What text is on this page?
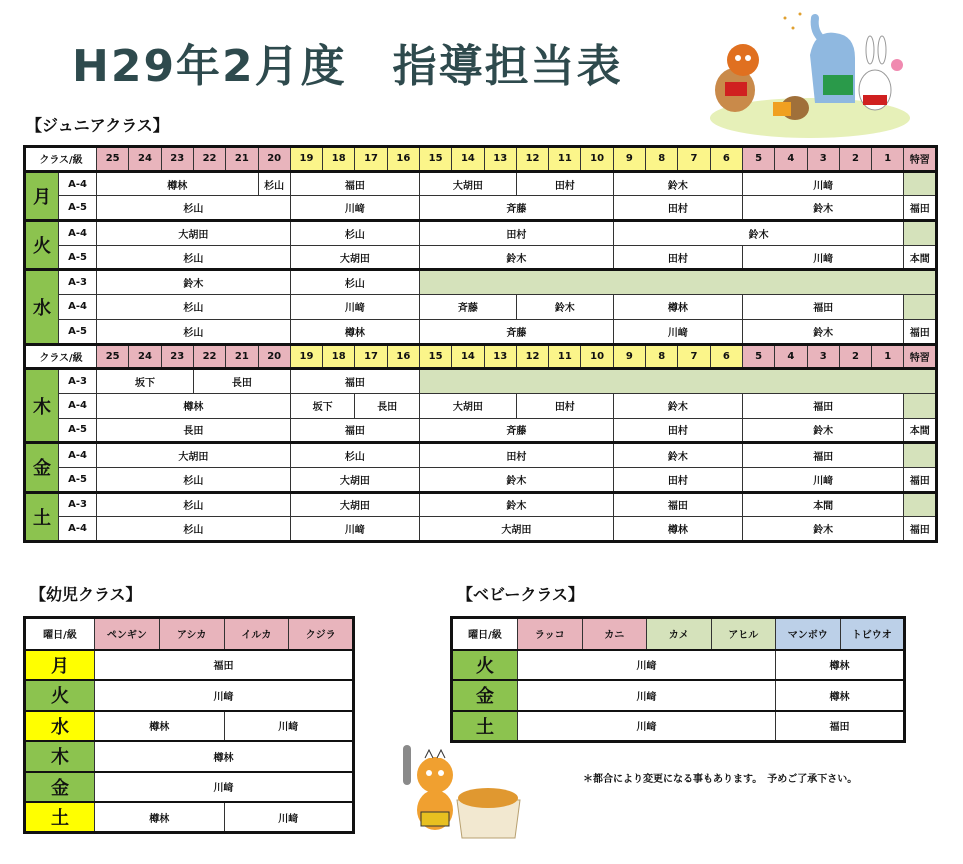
H29年2月度　指導担当表
【ジュニアクラス】
クラス/級		25	24	23	22	21	20	19	18	17	16	15	14	13	12	11	10	9	8	7	6	5	4	3	2	1	特習
月	A-4	樽林					杉山	福田				大胡田			田村			鈴木				川﨑					
	A-5	杉山						川﨑				斉藤						田村				鈴木					福田
火	A-4	大胡田						杉山				田村						鈴木									
	A-5	杉山						大胡田				鈴木						田村				川﨑					本間
水	A-3	鈴木						杉山																			
	A-4	杉山						川﨑				斉藤			鈴木			樽林				福田					
	A-5	杉山						樽林				斉藤						川﨑				鈴木					福田
クラス/級		25	24	23	22	21	20	19	18	17	16	15	14	13	12	11	10	9	8	7	6	5	4	3	2	1	特習
木	A-3	坂下			長田			福田																			
	A-4	樽林						坂下		長田		大胡田			田村			鈴木				福田					
	A-5	長田						福田				斉藤						田村				鈴木					本間
金	A-4	大胡田						杉山				田村						鈴木				福田					
	A-5	杉山						大胡田				鈴木						田村				川﨑					福田
土	A-3	杉山						大胡田				鈴木						福田				本間					
	A-4	杉山						川﨑				大胡田						樽林				鈴木					福田
【幼児クラス】
曜日/級	ペンギン	アシカ	イルカ	クジラ
月	福田			
火	川﨑			
水	樽林		川﨑	
木	樽林			
金	川﨑			
土	樽林		川﨑	
【ベビークラス】
曜日/級	ラッコ	カニ	カメ	アヒル	マンボウ	トビウオ
火	川﨑				樽林	
金	川﨑				樽林	
土	川﨑				福田	
＊都合により変更になる事もあります。　予めご了承下さい。
